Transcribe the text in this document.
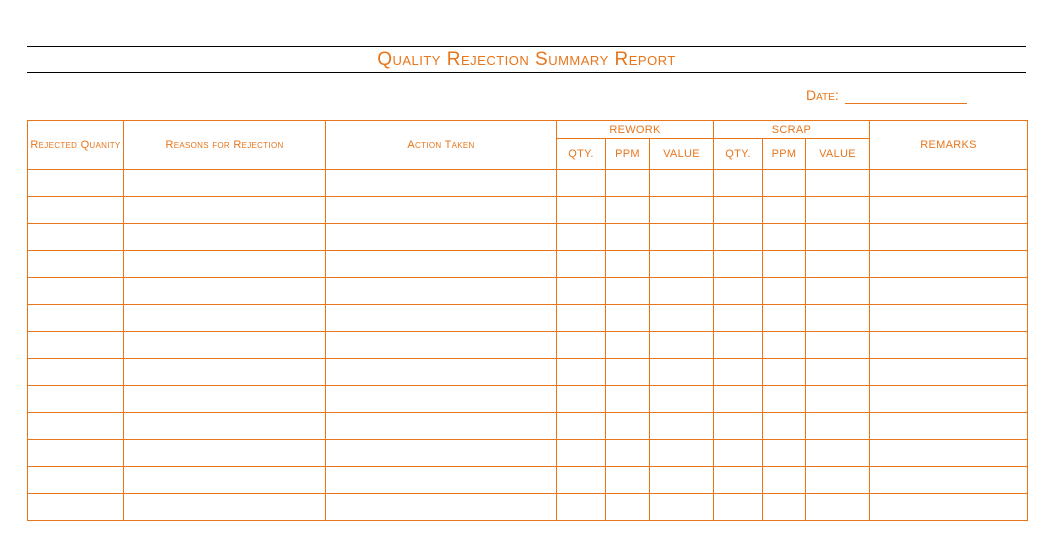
Quality Rejection Summary Report
Date:
Rejected Quanity	Reasons for Rejection	Action Taken	REWORK			SCRAP			REMARKS
			QTY.	PPM	VALUE	QTY.	PPM	VALUE	
